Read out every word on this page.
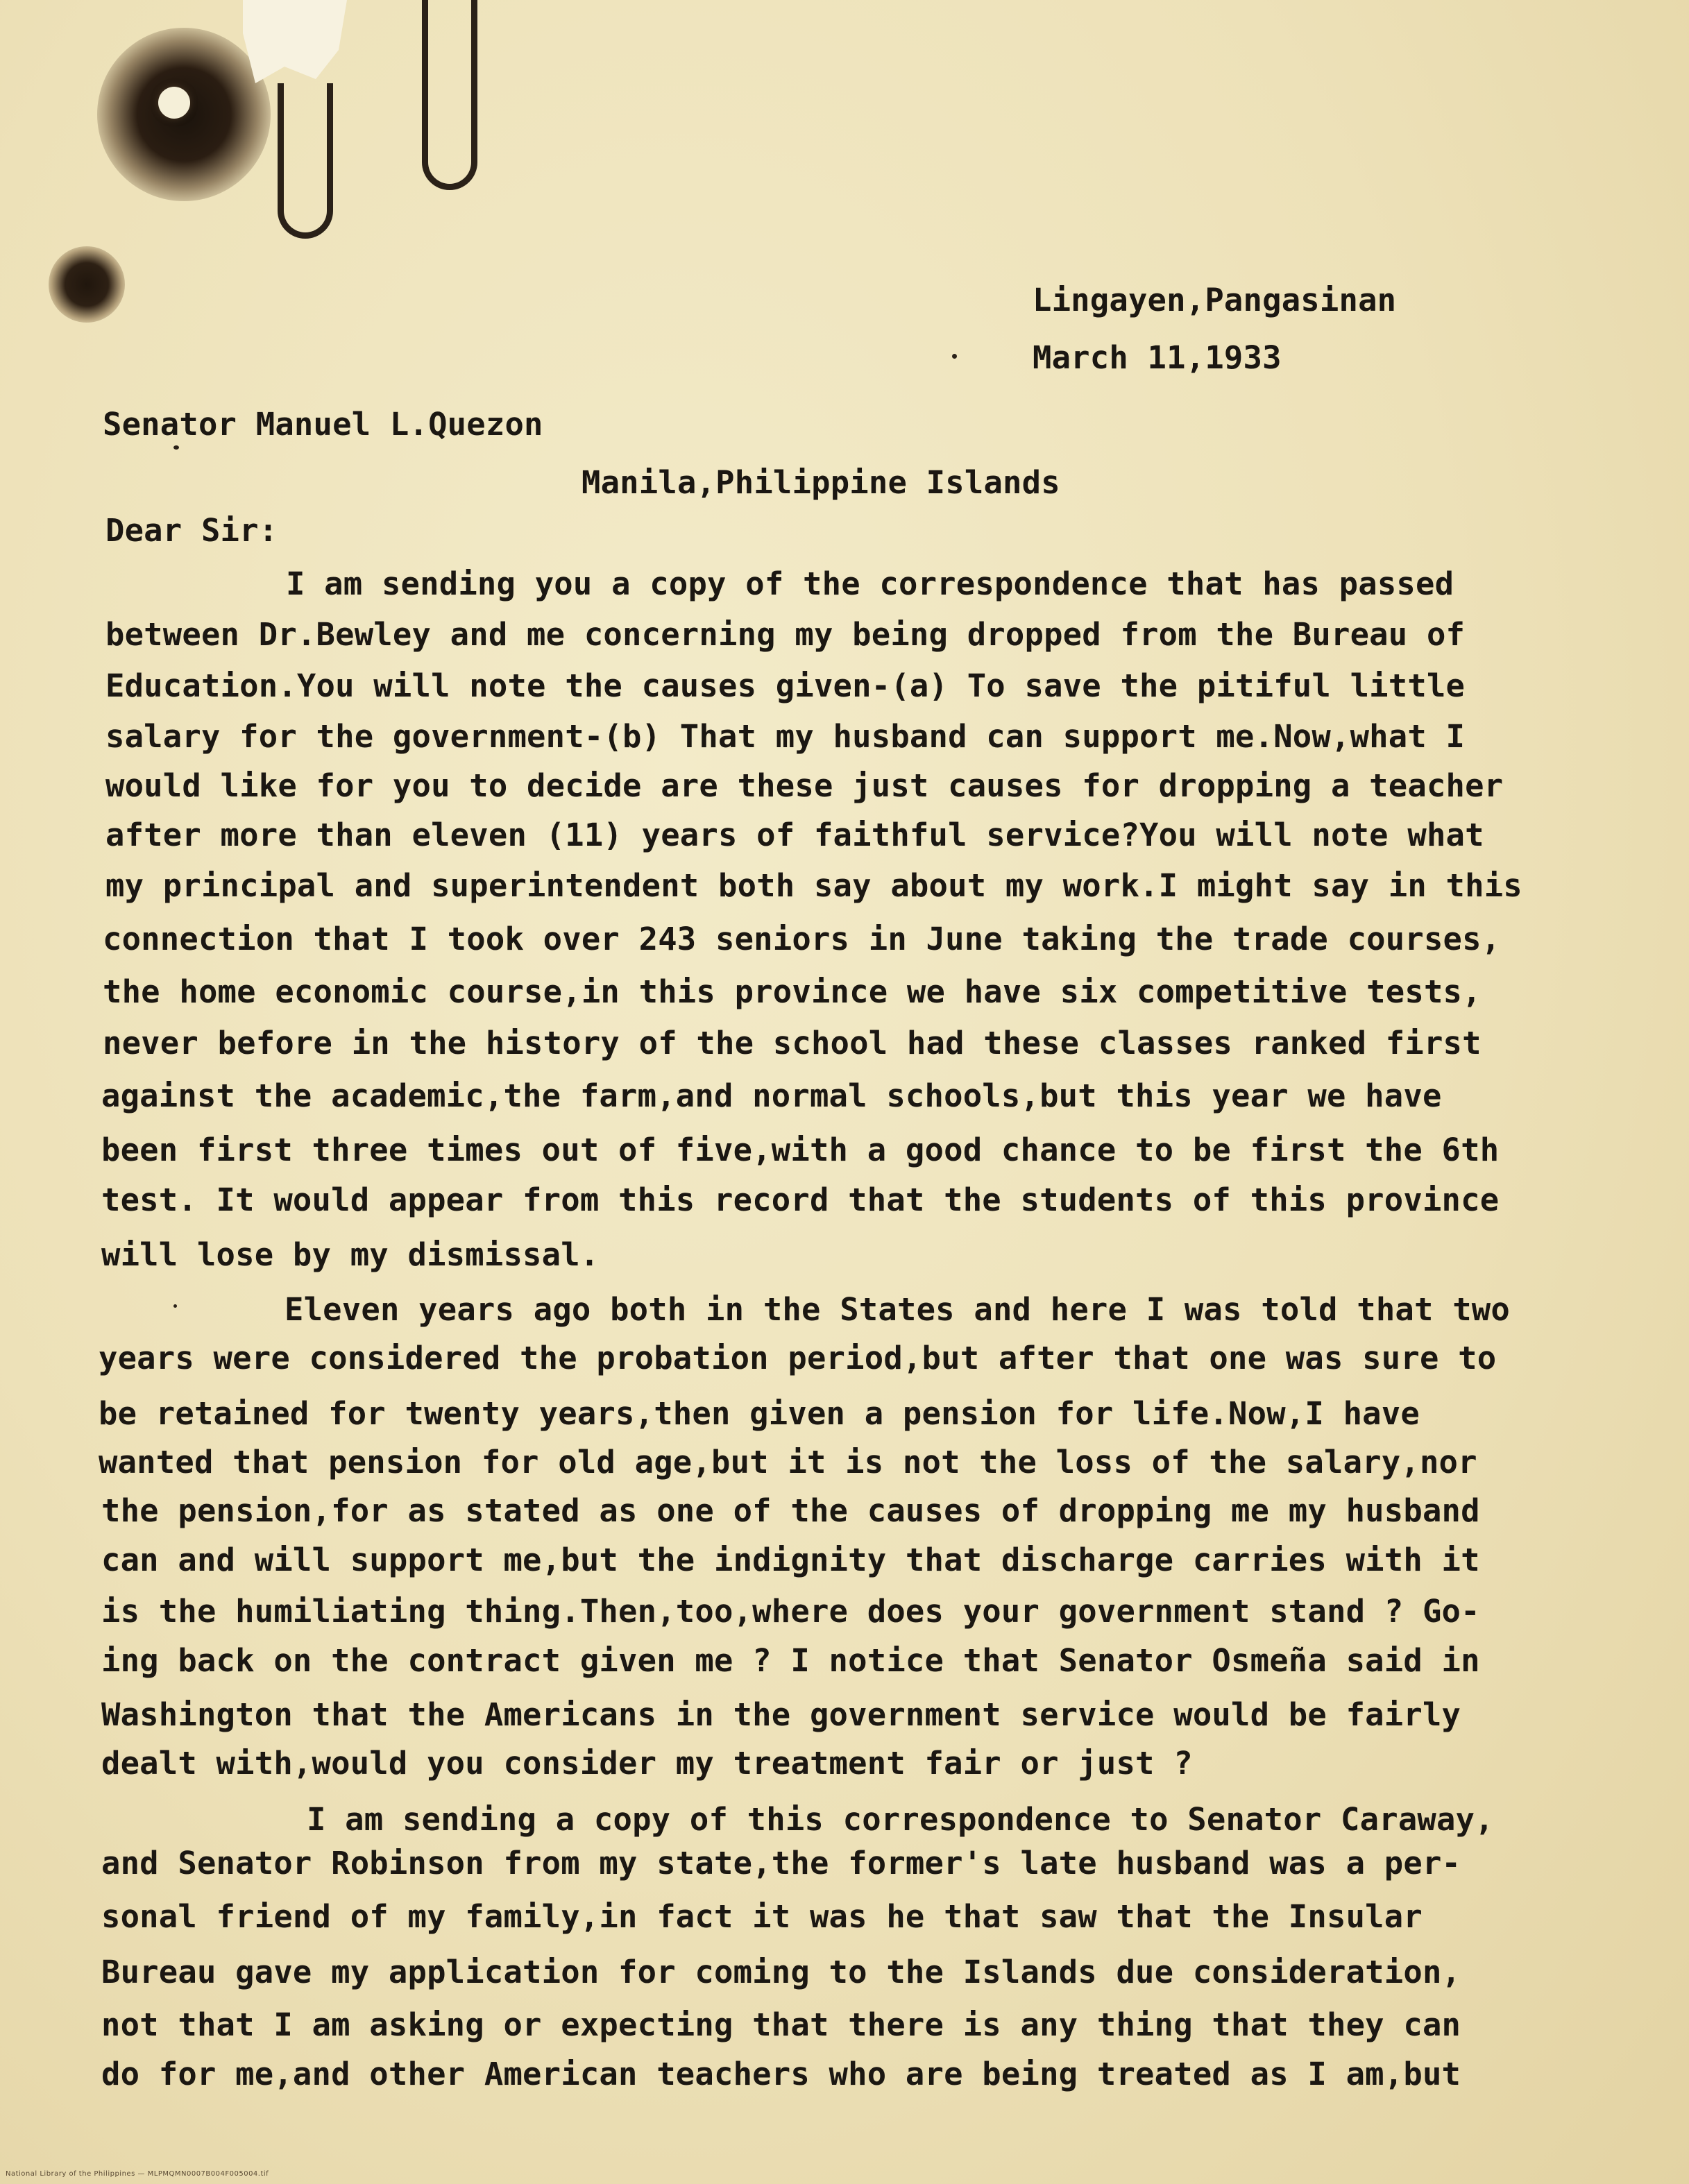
Lingayen,Pangasinan
March 11,1933
Senator Manuel L.Quezon
Manila,Philippine Islands
Dear Sir:
I am sending you a copy of the correspondence that has passed
between Dr.Bewley and me concerning my being dropped from the Bureau of
Education.You will note the causes given-(a) To save the pitiful little
salary for the government-(b) That my husband can support me.Now,what I
would like for you to decide are these just causes for dropping a teacher
after more than eleven (11) years of faithful service?You will note what
my principal and superintendent both say about my work.I might say in this
connection that I took over 243 seniors in June taking the trade courses,
the home economic course,in this province we have six competitive tests,
never before in the history of the school had these classes ranked first
against the academic,the farm,and normal schools,but this year we have
been first three times out of five,with a good chance to be first the 6th
test. It would appear from this record that the students of this province
will lose by my dismissal.
Eleven years ago both in the States and here I was told that two
years were considered the probation period,but after that one was sure to
be retained for twenty years,then given a pension for life.Now,I have
wanted that pension for old age,but it is not the loss of the salary,nor
the pension,for as stated as one of the causes of dropping me my husband
can and will support me,but the indignity that discharge carries with it
is the humiliating thing.Then,too,where does your government stand ? Go-
ing back on the contract given me ? I notice that Senator Osmeña said in
Washington that the Americans in the government service would be fairly
dealt with,would you consider my treatment fair or just ?
I am sending a copy of this correspondence to Senator Caraway,
and Senator Robinson from my state,the former's late husband was a per-
sonal friend of my family,in fact it was he that saw that the Insular
Bureau gave my application for coming to the Islands due consideration,
not that I am asking or expecting that there is any thing that they can
do for me,and other American teachers who are being treated as I am,but
National Library of the Philippines — MLPMQMN0007B004F005004.tif
